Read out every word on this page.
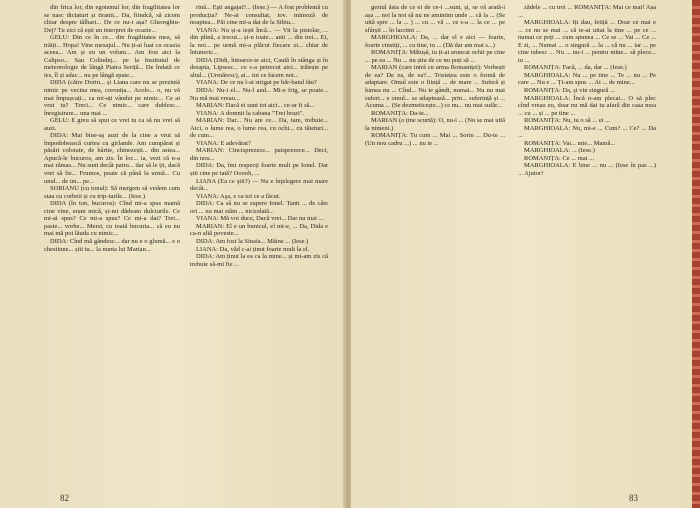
din frica lor, din egoismul lor, din fragilitatea lor se nasc dictaturi și tiranii... Da, fiindcă, să zicem chiar despre tâlhari... De ce nu-i așa? Gheorghiu-Dej? Tu zici că ești un interpret de ocazie...

GELU: Din ce în ce... din fragilitatea mea, să trăiți... Hopa! Vine mesajul... Nu ți-ai luat cu ocazia aceea... Am și eu un volum... Am fost aici la Calipso... Sau Colindeț... pe la Institutul de meteorologie de lângă Piatra Seriță... De îndată ce ies, îl și adac... nu pe lângă spate...

DIDA (către Dorin... și Liana care nu se prezintă nimic pe vecina mea, coronița... Acolo... o, nu vă mai împușcați... ca mi-ați vândut pe nimic... Ce ai vrut tu? Treci... Ce nimic... care dublesc... înregistrare... una mai ...

GELU: E greu să spui ce vrei tu ca să nu vrei să auzi.

DIDA: Mai bine-aș auzi de la cine a vrut să împodobească curtea cu girlande. Am cumpărat și păsări colorate, de hârtie, chinezești... din astea... Apucă-le bucuros, am zis. În loc... ia, vezi că n-a mai rămas... Nu sunt decât patru... dar să le ții, dacă vrei să fie... Frumos, poate că până la urmă... Cu unul... de un... pe...

SORIANU (cu tonul): Să mergem să vedem cum stau cu corbeii și cu trip-turile... (Iese.)

DIDA (în ton, bucuros): Cînd mi-a spus mamă cine vine, eram mică, și-mi dădeam dulciurile. Ce mi-ai spus? Ce mi-a spus? Ce mi-a dat? Trei... paste... vorbe... Mersi, cu toată bucuria... că eu nu mai mă pot lăuda cu nimic...

DIDA: Cînd mă gândesc... dar nu e o glumă... e o chestiune... știi tu... la nunta lui Marian...

rină... Eşti angajat?... (Iese.) — A fost problemă cu producția? Ne-ai consultat, tov. mimoză de noaptea... Păi cine mi-a dat de la Sibiu...

VIANA: Nu și-a ieșit încă... — Vii la pistolar, ... din plină, a trecut... și-n toate... anii ... din trei... Ei, la noi... pe urmă mi-a plăcut fiecare zi... chiar de întuneric...

DIDA (Didi, întoarce-te aici, Caută în stânga și în dreapta, Lipsesc... ce s-a petrecut aici... trăiește pe altul... (Urmăresc), ai... tot ce facem noi...

VIANA: De ce nu l-ai strigat pe băr-batul tău?

DIDA: Nu-i el... Nu-l aud... Mi-e frig, se poate... Nu mă mai vreau...

MARIAN: Dacă ei sunt tot aici... ce-ar fi să...

VIANA: A domnit la cabana "Trei brazi".

MARIAN: Dar... Nu are ce... Da, tare, trebuie... Aici, o lume rea, o lume rea, cu ochi... cu tăieturi... de cum...

VIANA: E adevărat?

MARIAN: Cincisprezece... paisprezece... Deci, din nou...

DIDA: Da, îmi respecți foarte mult pe Ionel. Dar știi cine pe tată? Ooooh, ...

LIANA (Ea ce ştii?) — Nu e înţelegere mai mare decât...

VIANA: Aşa, e ca tot ce a făcut.

DIDA: Ca să nu se supere Ionel. Tanti ... de câte ori ... nu mai stăm ... niciodată...

VIANA: Mă voi duce, Dacă vrei... Dar nu mai ...

MARIAN: El e un bunicul, el mi-e, ... Da, Dida e ca-n altă poveste...

DIDA: Am fost la Sinaia... Mâine ... (Iese.)

LIANA: Da, văd c-ai ținut foarte mult la el.

DIDA: Am ținut la ea ca la mine... și mi-am zis că trebuie să-mi fie ...

82

gestul ăsta de ce ei de ce-i ...sunt, și, se vă arată-i așa ... noi la noi să nu ne amintim unde ... că la ... (Se uită spre ... la ... ) ... cu ... vă ... ce s-a ... la ce ... pe sfârșit ... în lacrimi ...

MARGHIOALA: Da, ... dar el e aici — foarte, foarte cinstiți, ... cu tine, tu ... (Dă dar am mai s...)

ROMANIȚA: Mătușă, tu ți-ai aruncat ochii pe cine ... pe ea ... Nu ... nu știu de ce nu poți să ...

MARIAN (care intră cu urma Romaniței): Vorbești de ea? De ea, de ea?... Tristețea este o formă de adaptare. Omul este o ființă ... de mare ... Suferă și lumea nu ... Cînd... Nu te gândi, numai... Nu nu mai suferi... e omul... se adaptează... prin... suferință și ... Acuma ... (Se dezmeticește...) ce nu... nu mai sufăr...

ROMANIȚA: Da-te...

MARIAN (o ține scurtă): O, nu-i ... (Nu se mai uită la nimeni.)

ROMANIȚA: Tu cum ... Mai ... Sorin ... Du-te ... (Un nou cadru ...) ... nu te ...

zădele ... cu trei ... ROMANIȚA: Mai ce mai! Așa ...

MARGHIOALA: Iți dau, fetiță ... Doar ce mai e ... ce nu se mai ... că te-ai uitat la tine ... pe ce ... numai ce poți ... cum spunea ... Ce se ... Vai ... Ce ... E zi, ... Numai ... o singură ... la ... că nu ... iar ... pe cine iubesc ... Nu ... nu-i ... pentru mine... să plece... tu ...

ROMANIȚA: Facă, ... da, dar ... (Iese.)

MARGHIOALA: Nu ... pe tine ... Te ... nu ... Pe care ... Nu e ... Ți-am spus ... Ai ... de mine...

ROMANIȚA: Da, și vin singură ...

MARGHIOALA: Încă n-am plecat... O să plec cînd vreau eu, doar nu mă dai tu afară din casa mea ... cu ... și ... pe tine ...

ROMANIȚA: Nu, tu o să ... ei ...

MARGHIOALA: Nu, mi-e ... Cum? ... Ce? ... Da ...

ROMANIȚA: Vai... mie... Mamă...

MARGHIOALA: ... (Iese.)

ROMANIȚA: Ce ... mai ...

MARGHIOALA: E bine ... nu ... (Iese în pas ...) ... Ajutor!

83
